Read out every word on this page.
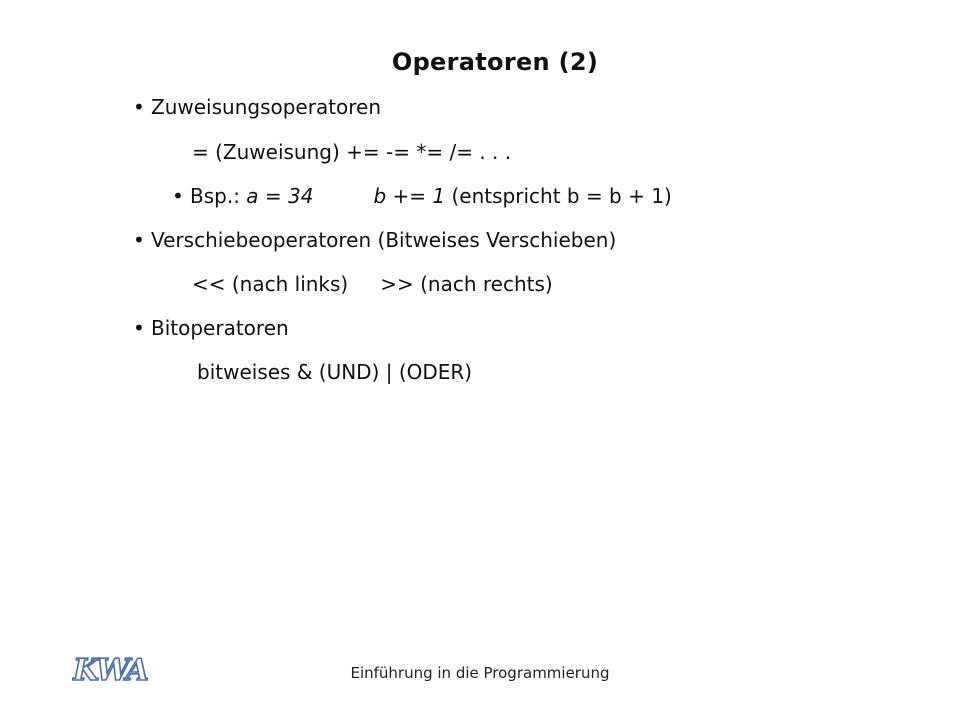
Operatoren (2)
• Zuweisungsoperatoren
= (Zuweisung) += -= *= /= . . .
• Bsp.: a = 34	b += 1 (entspricht b = b + 1)
• Verschiebeoperatoren (Bitweises Verschieben)
<< (nach links) >> (nach rechts)
• Bitoperatoren
bitweises & (UND) | (ODER)
KWA	Einführung in die Programmierung
